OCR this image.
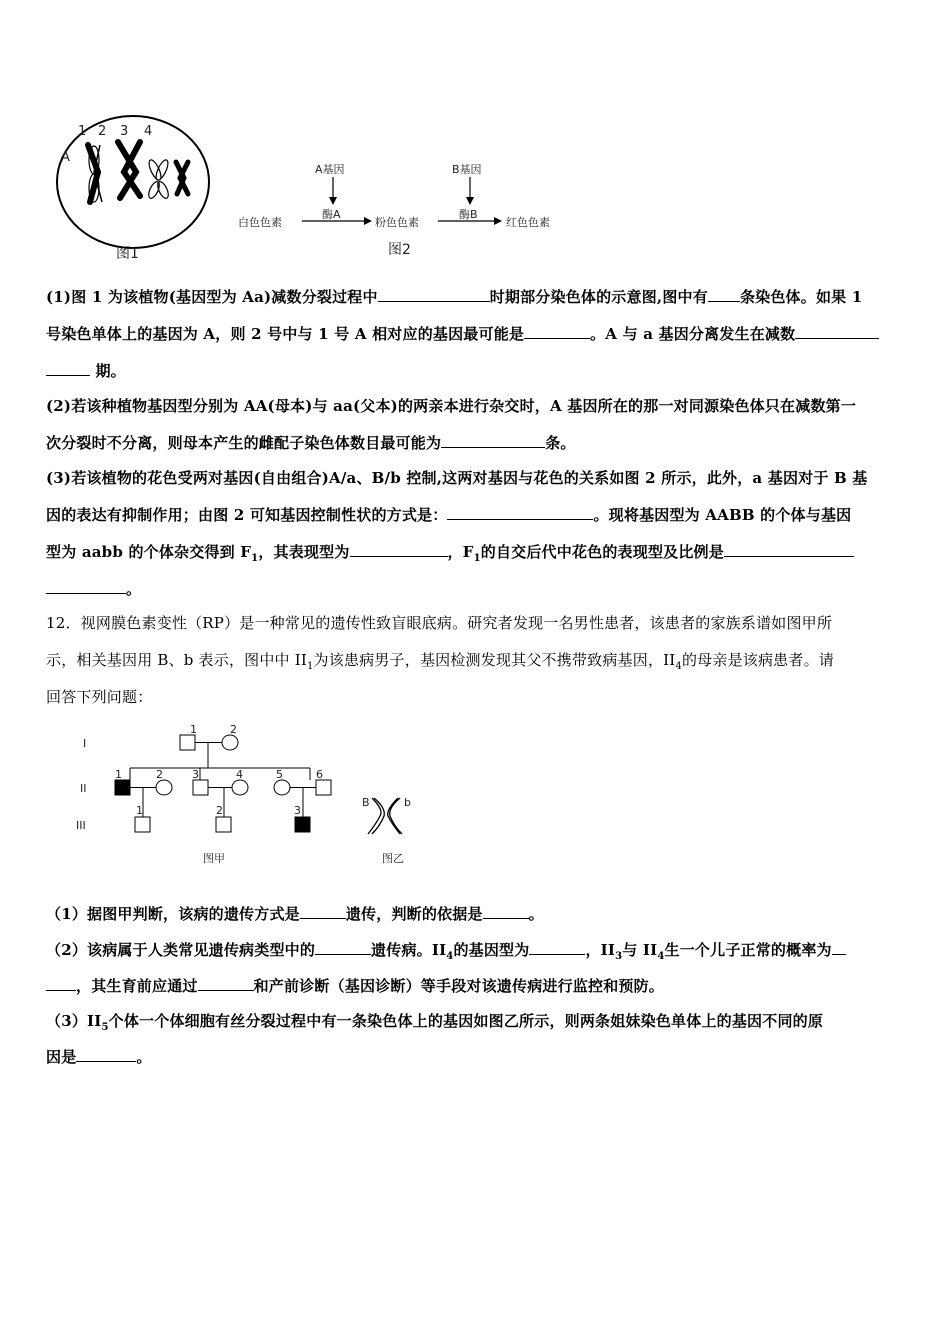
A
1 2 3 4
图1
A基因	B基因
酶A	酶B
白色色素	粉色色素	红色色素
图2
(1)图 1 为该植物(基因型为 Aa)减数分裂过程中	时期部分染色体的示意图,图中有 条染色体。如果 1
号染色单体上的基因为 A，则 2 号中与 1 号 A 相对应的基因最可能是	。A 与 a 基因分离发生在减数
期。
(2)若该种植物基因型分别为 AA(母本)与 aa(父本)的两亲本进行杂交时，A 基因所在的那一对同源染色体只在减数第一
次分裂时不分离，则母本产生的雌配子染色体数目最可能为	条。
(3)若该植物的花色受两对基因(自由组合)A/a、B/b 控制,这两对基因与花色的关系如图 2 所示，此外，a 基因对于 B 基
因的表达有抑制作用；由图 2 可知基因控制性状的方式是：	。现将基因型为 AABB 的个体与基因
型为 aabb 的个体杂交得到 $F_1$，其表现型为	，$F_1$的自交后代中花色的表现型及比例是
。
12．视网膜色素变性（RP）是一种常见的遗传性致盲眼底病。研究者发现一名男性患者，该患者的家族系谱如图甲所
示，相关基因用 B、b 表示，图中中 $II_1$为该患病男子，基因检测发现其父不携带致病基因，$II_4$的母亲是该病患者。请
回答下列问题：
I
II
III
1	2
1	2	3	4	5	6
1	2	3
图甲
B	b
图乙
（1）据图甲判断，该病的遗传方式是	遗传，判断的依据是	。
（2）该病属于人类常见遗传病类型中的	遗传病。$II_4$的基因型为	，$II_3$与 $II_4$生一个儿子正常的概率为
，其生育前应通过	和产前诊断（基因诊断）等手段对该遗传病进行监控和预防。
$(3)II_5$个体一个体细胞有丝分裂过程中有一条染色体上的基因如图乙所示，则两条姐妹染色单体上的基因不同的原
因是	。
